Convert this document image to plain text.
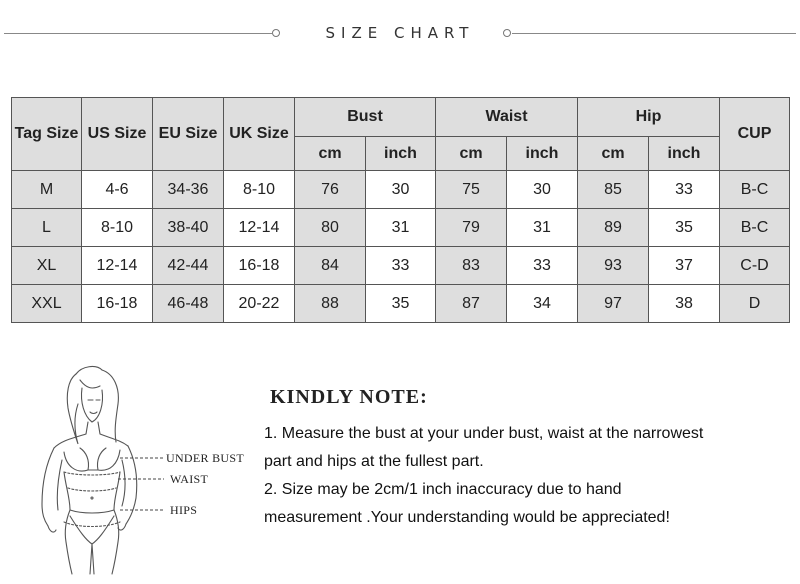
SIZE CHART
Tag Size	US Size	EU Size	UK Size	Bust		Waist		Hip		CUP
				cm	inch	cm	inch	cm	inch	
M	4-6	34-36	8-10	76	30	75	30	85	33	B-C
L	8-10	38-40	12-14	80	31	79	31	89	35	B-C
XL	12-14	42-44	16-18	84	33	83	33	93	37	C-D
XXL	16-18	46-48	20-22	88	35	87	34	97	38	D
UNDER BUST
WAIST
HIPS
KINDLY NOTE:
1. Measure the bust at your under bust, waist at the narrowest
part and hips at the fullest part.
2. Size may be 2cm/1 inch inaccuracy due to hand
measurement .Your understanding would be appreciated!
